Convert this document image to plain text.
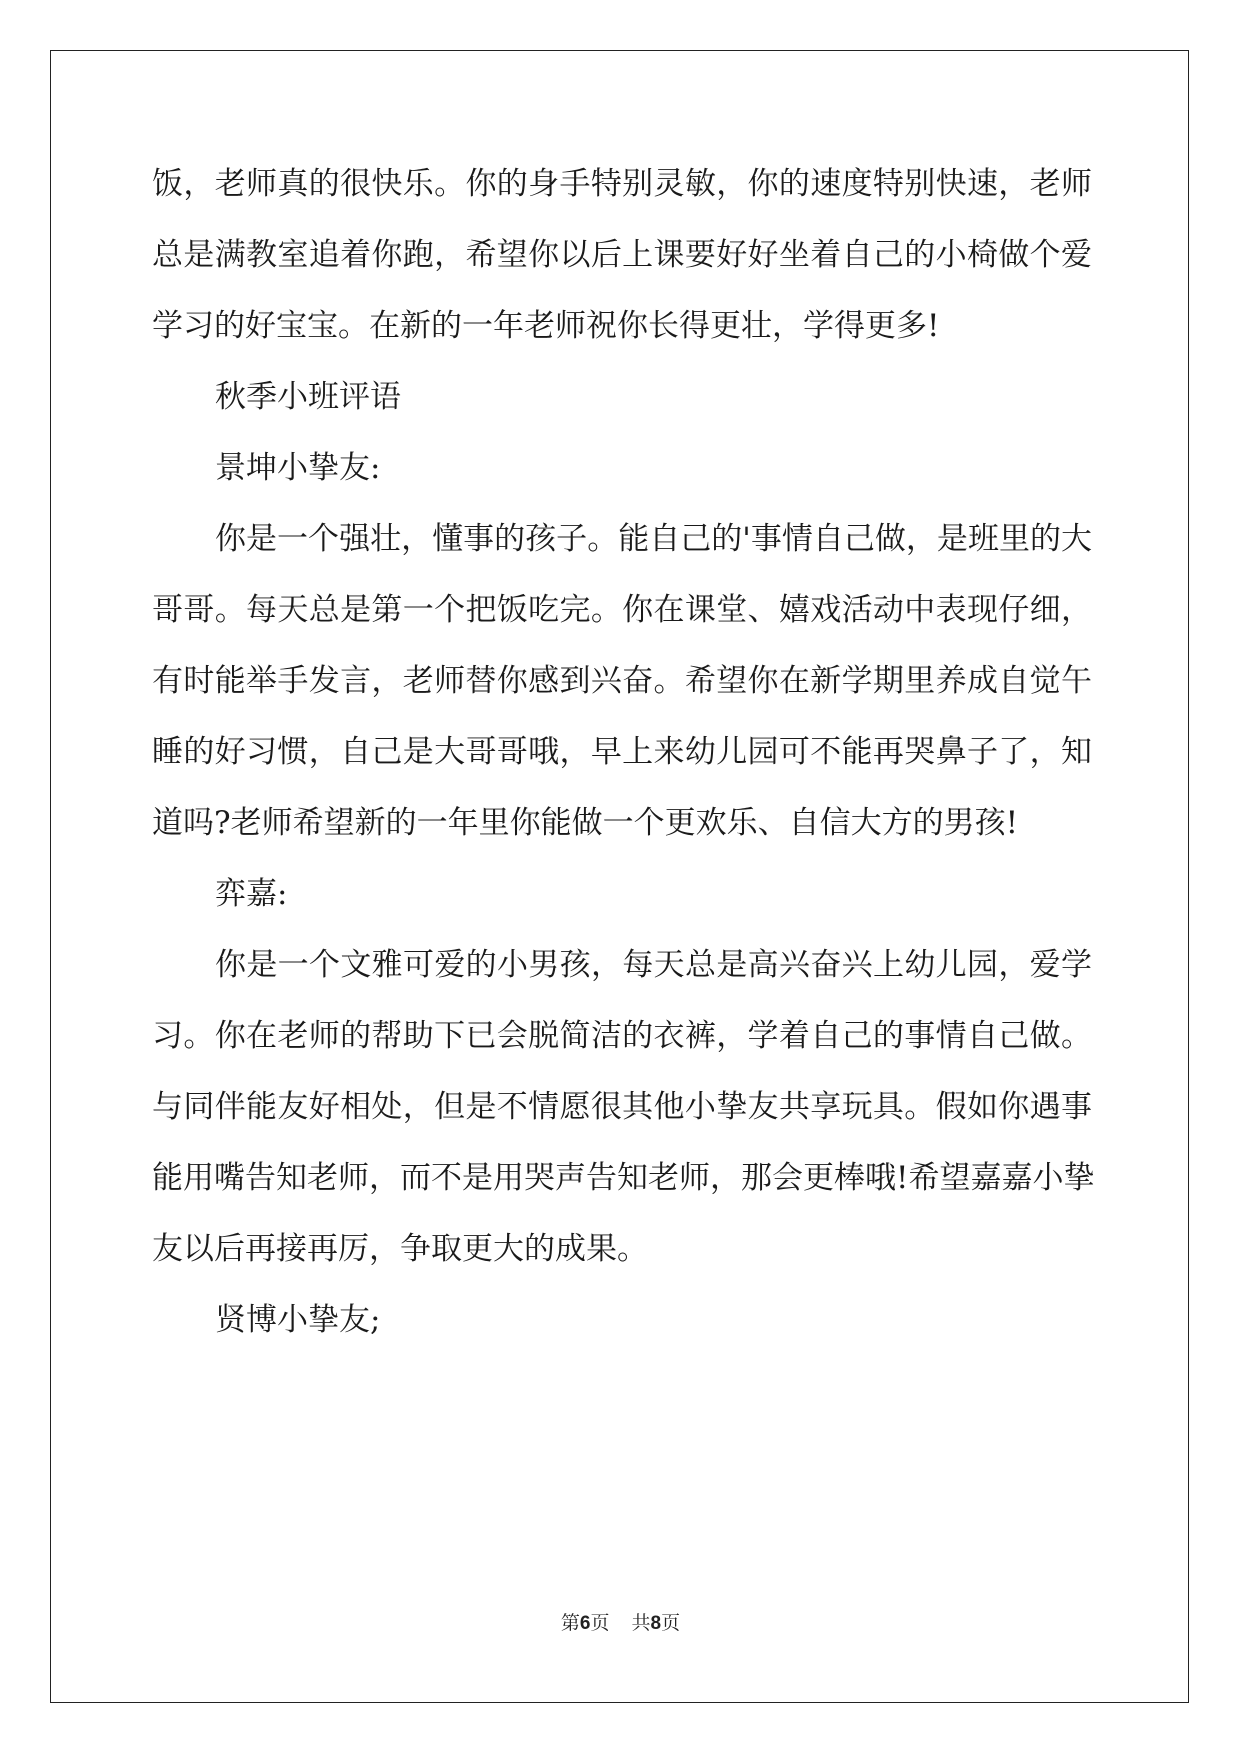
饭，老师真的很快乐。你的身手特别灵敏，你的速度特别快速，老师
总是满教室追着你跑，希望你以后上课要好好坐着自己的小椅做个爱
学习的好宝宝。在新的一年老师祝你长得更壮，学得更多!
秋季小班评语
景坤小挚友:
你是一个强壮，懂事的孩子。能自己的'事情自己做，是班里的大
哥哥。每天总是第一个把饭吃完。你在课堂、嬉戏活动中表现仔细，
有时能举手发言，老师替你感到兴奋。希望你在新学期里养成自觉午
睡的好习惯，自己是大哥哥哦，早上来幼儿园可不能再哭鼻子了，知
道吗?老师希望新的一年里你能做一个更欢乐、自信大方的男孩!
弈嘉:
你是一个文雅可爱的小男孩，每天总是高兴奋兴上幼儿园，爱学
习。你在老师的帮助下已会脱简洁的衣裤，学着自己的事情自己做。
与同伴能友好相处，但是不情愿很其他小挚友共享玩具。假如你遇事
能用嘴告知老师，而不是用哭声告知老师，那会更棒哦!希望嘉嘉小挚
友以后再接再厉，争取更大的成果。
贤博小挚友;
第6页 共8页
